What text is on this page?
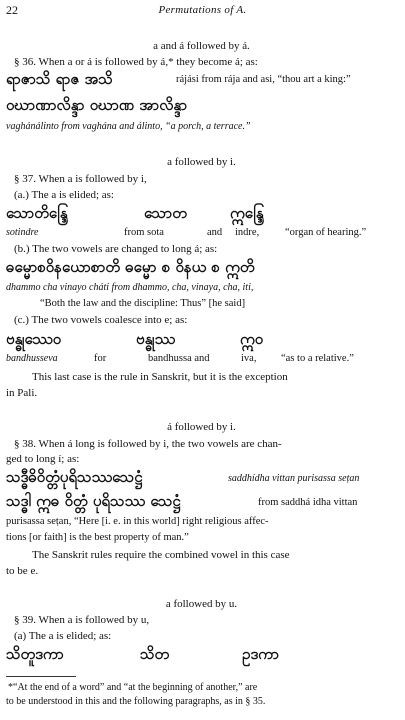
22	Permutations of A.
a and á followed by á.
§ 36. When a or á is followed by á,* they become á; as:
ရာဇာသိ ရာဇ အသိ	rájási from rája and asi, “thou art a king:”
ဝဃာဏာလိန္ဒာ ဝဃာဏ အာလိန္ဒာ
vaghánálinto from vaghána and álinto, “a porch, a terrace.”
a followed by i.
§ 37. When a is followed by i,
(a.) The a is elided; as:
သောတိန္ဒြေ	သောတ	ဣန္ဒြေ
sotindre	from sota	and indre, “organ of hearing.”
(b.) The two vowels are changed to long á; as:
ဓမ္မောစဝိနယောစာတိ ဓမ္မော စ ဝိနယ စ ဣတိ
dhammo cha vinayo cháti from dhammo, cha, vinaya, cha, iti,
“Both the law and the discipline: Thus” [he said]
(c.) The two vowels coalesce into e; as:
ဗန္ဓုဿေဝ	ဗန္ဓုဿ	ဣဝ
bandhusseva	for	bandhussa and	iva, “as to a relative.”
This last case is the rule in Sanskrit, but it is the exception
in Pali.
á followed by i.
§ 38. When á long is followed by i, the two vowels are chan-
ged to long í; as:
သဒ္ဓီဓိဝိတ္တံပုရိသဿသေဋ္ဌံ	saddhídha vittan purisassa seṭan
သဒ္ဓါ ဣဓ ဝိတ္တံ ပုရိသဿ သေဋ္ဌံ	from saddhá idha vittan
purisassa seṭan, “Here [i. e. in this world] right religious affec-
tions [or faith] is the best property of man.”
The Sanskrit rules require the combined vowel in this case
to be e.
a followed by u.
§ 39. When a is followed by u,
(a) The a is elided; as:
သိတူဒကာ	သိတ	ဥဒကာ
*“At the end of a word” and “at the beginning of another,” are
to be understood in this and the following paragraphs, as in § 35.
